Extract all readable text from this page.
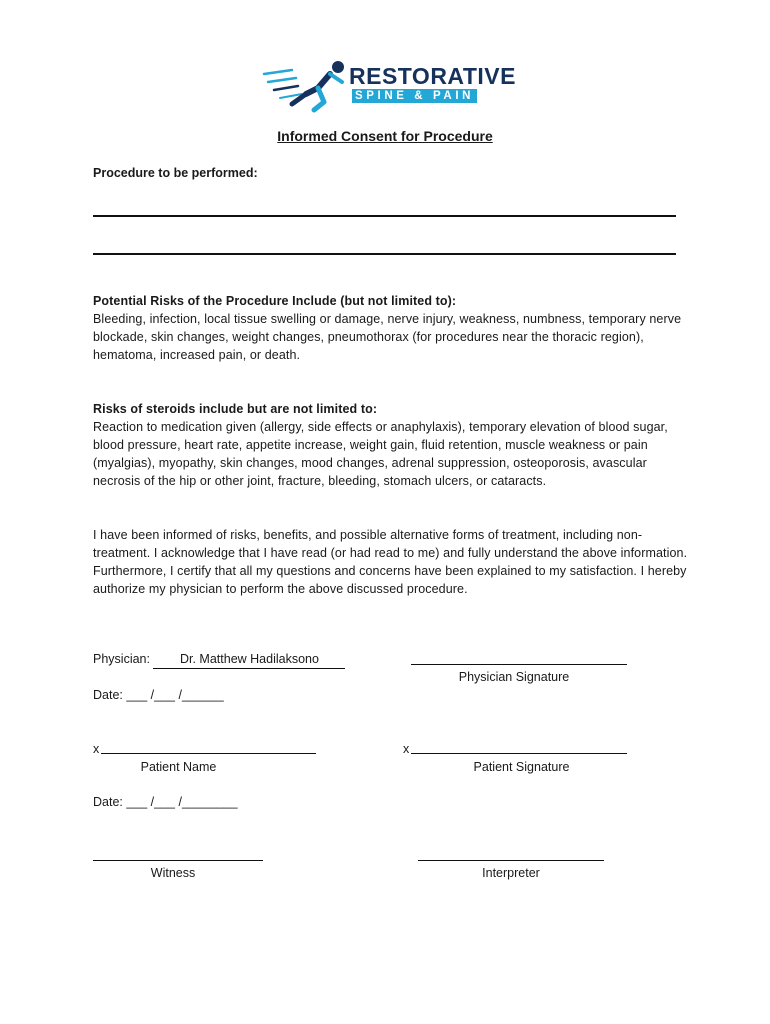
RESTORATIVE
SPINE & PAIN
Informed Consent for Procedure
Procedure to be performed:
Potential Risks of the Procedure Include (but not limited to):
Bleeding, infection, local tissue swelling or damage, nerve injury, weakness, numbness, temporary nerve blockade, skin changes, weight changes, pneumothorax (for procedures near the thoracic region), hematoma, increased pain, or death.
Risks of steroids include but are not limited to:
Reaction to medication given (allergy, side effects or anaphylaxis), temporary elevation of blood sugar, blood pressure, heart rate, appetite increase, weight gain, fluid retention, muscle weakness or pain (myalgias), myopathy, skin changes, mood changes, adrenal suppression, osteoporosis, avascular necrosis of the hip or other joint, fracture, bleeding, stomach ulcers, or cataracts.
I have been informed of risks, benefits, and possible alternative forms of treatment, including non-treatment. I acknowledge that I have read (or had read to me) and fully understand the above information. Furthermore, I certify that all my questions and concerns have been explained to my satisfaction. I hereby authorize my physician to perform the above discussed procedure.
Physician: Dr. Matthew Hadilaksono
Physician Signature
Date: ___ /___ /______
x
Patient Name
x
Patient Signature
Date: ___ /___ /________
Witness	Interpreter
